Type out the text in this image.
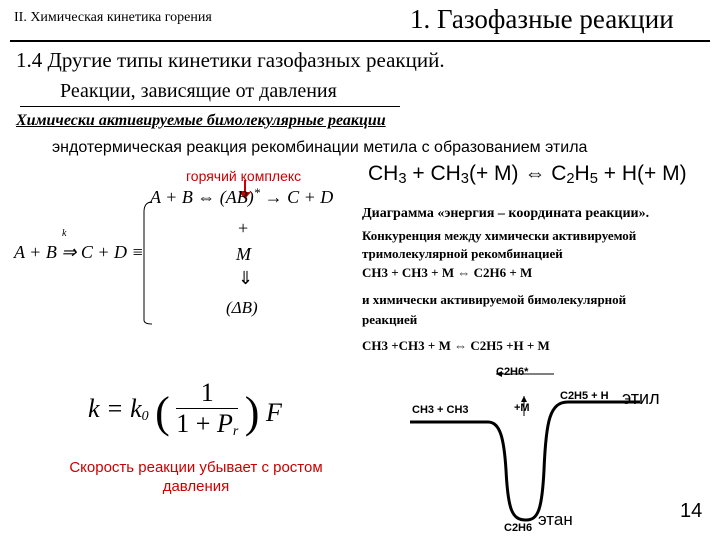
II. Химическая кинетика горения	1. Газофазные реакции
1.4 Другие типы кинетики газофазных реакций.
Реакции, зависящие от давления
Химически активируемые бимолекулярные реакции
эндотермическая реакция рекомбинации метила с образованием этила
горячий комплекс	$CH_3 + CH_3(+ M)$ ⇔ $C_2H_5 + H(+ M)$
A + B ⇔ (AB)* → C + D
A + B ⇒ C + D ≡
k	+
M
⇓
(ΔB)
Диаграмма «энергия – координата реакции».
Конкуренция между химически активируемой
тримолекулярной рекомбинацией
CH3 + CH3 + M ⇔ C2H6 + M
и химически активируемой бимолекулярной
реакцией
CH3 +CH3 + M ⇔ C2H5 +H + M
$k = k_0$ ( $\frac{1}{1 + P_r}$ ) F
Скорость реакции убывает с ростом давления
CH3 + CH3
C2H6*
+M
C2H5 + H этил
C2H6 этан	14
